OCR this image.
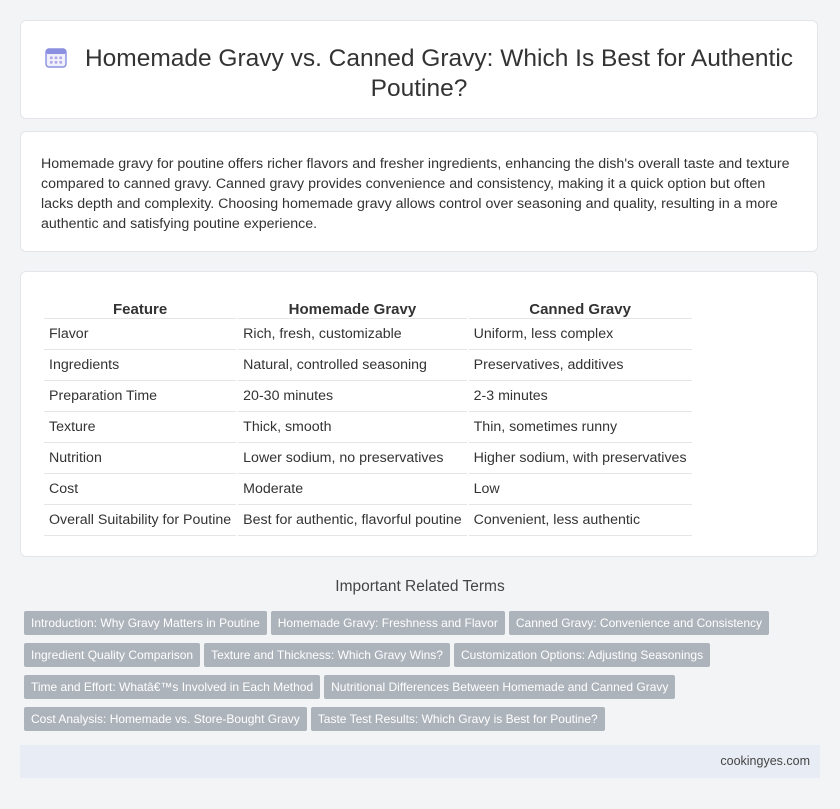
Homemade Gravy vs. Canned Gravy: Which Is Best for Authentic Poutine?

Homemade gravy for poutine offers richer flavors and fresher ingredients, enhancing the dish's overall taste and texture compared to canned gravy. Canned gravy provides convenience and consistency, making it a quick option but often lacks depth and complexity. Choosing homemade gravy allows control over seasoning and quality, resulting in a more authentic and satisfying poutine experience.

Feature	Homemade Gravy	Canned Gravy
Flavor	Rich, fresh, customizable	Uniform, less complex
Ingredients	Natural, controlled seasoning	Preservatives, additives
Preparation Time	20-30 minutes	2-3 minutes
Texture	Thick, smooth	Thin, sometimes runny
Nutrition	Lower sodium, no preservatives	Higher sodium, with preservatives
Cost	Moderate	Low
Overall Suitability for Poutine	Best for authentic, flavorful poutine	Convenient, less authentic
Important Related Terms
Introduction: Why Gravy Matters in Poutine Homemade Gravy: Freshness and Flavor Canned Gravy: Convenience and Consistency
Ingredient Quality Comparison Texture and Thickness: Which Gravy Wins? Customization Options: Adjusting Seasonings
Time and Effort: Whatâ€™s Involved in Each Method Nutritional Differences Between Homemade and Canned Gravy
Cost Analysis: Homemade vs. Store-Bought Gravy Taste Test Results: Which Gravy is Best for Poutine?
cookingyes.com
